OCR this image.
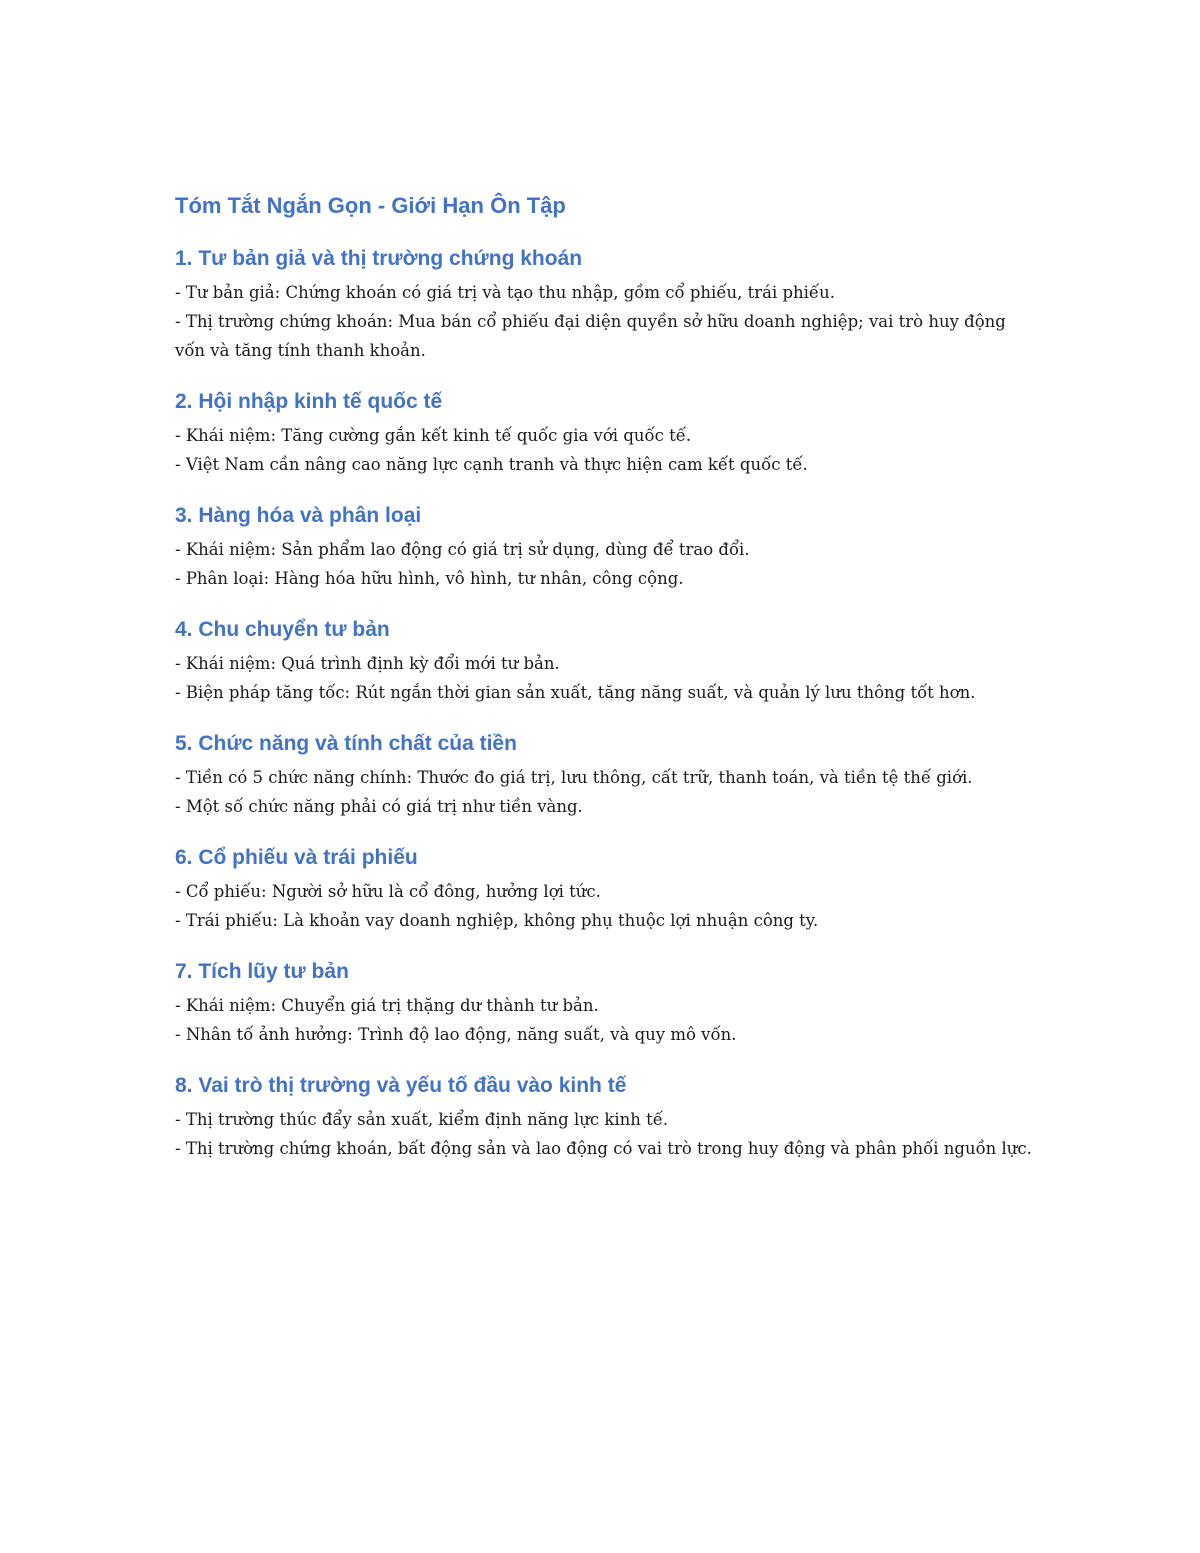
Tóm Tắt Ngắn Gọn - Giới Hạn Ôn Tập
1. Tư bản giả và thị trường chứng khoán

- Tư bản giả: Chứng khoán có giá trị và tạo thu nhập, gồm cổ phiếu, trái phiếu.

- Thị trường chứng khoán: Mua bán cổ phiếu đại diện quyền sở hữu doanh nghiệp; vai trò huy động vốn và tăng tính thanh khoản.

2. Hội nhập kinh tế quốc tế

- Khái niệm: Tăng cường gắn kết kinh tế quốc gia với quốc tế.

- Việt Nam cần nâng cao năng lực cạnh tranh và thực hiện cam kết quốc tế.

3. Hàng hóa và phân loại

- Khái niệm: Sản phẩm lao động có giá trị sử dụng, dùng để trao đổi.

- Phân loại: Hàng hóa hữu hình, vô hình, tư nhân, công cộng.

4. Chu chuyển tư bản

- Khái niệm: Quá trình định kỳ đổi mới tư bản.

- Biện pháp tăng tốc: Rút ngắn thời gian sản xuất, tăng năng suất, và quản lý lưu thông tốt hơn.

5. Chức năng và tính chất của tiền

- Tiền có 5 chức năng chính: Thước đo giá trị, lưu thông, cất trữ, thanh toán, và tiền tệ thế giới.

- Một số chức năng phải có giá trị như tiền vàng.

6. Cổ phiếu và trái phiếu

- Cổ phiếu: Người sở hữu là cổ đông, hưởng lợi tức.

- Trái phiếu: Là khoản vay doanh nghiệp, không phụ thuộc lợi nhuận công ty.

7. Tích lũy tư bản

- Khái niệm: Chuyển giá trị thặng dư thành tư bản.

- Nhân tố ảnh hưởng: Trình độ lao động, năng suất, và quy mô vốn.

8. Vai trò thị trường và yếu tố đầu vào kinh tế

- Thị trường thúc đẩy sản xuất, kiểm định năng lực kinh tế.

- Thị trường chứng khoán, bất động sản và lao động có vai trò trong huy động và phân phối nguồn lực.
